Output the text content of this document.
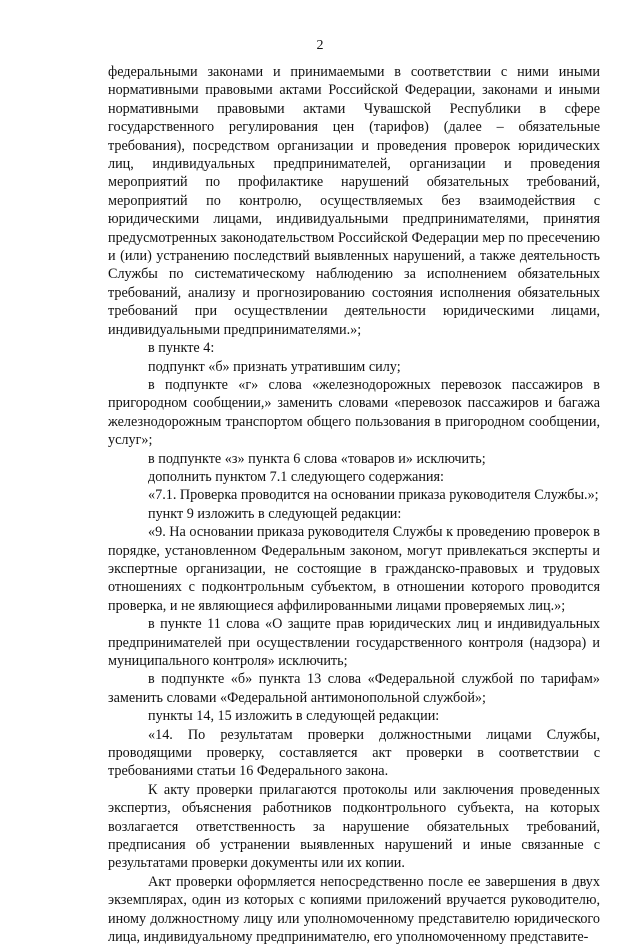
2

федеральными законами и принимаемыми в соответствии с ними иными нормативными правовыми актами Российской Федерации, законами и иными нормативными правовыми актами Чувашской Республики в сфере государственного регулирования цен (тарифов) (далее – обязательные требования), посредством организации и проведения проверок юридических лиц, индивидуальных предпринимателей, организации и проведения мероприятий по профилактике нарушений обязательных требований, мероприятий по контролю, осуществляемых без взаимодействия с юридическими лицами, индивидуальными предпринимателями, принятия предусмотренных законодательством Российской Федерации мер по пресечению и (или) устранению последствий выявленных нарушений, а также деятельность Службы по систематическому наблюдению за исполнением обязательных требований, анализу и прогнозированию состояния исполнения обязательных требований при осуществлении деятельности юридическими лицами, индивидуальными предпринимателями.»;

в пункте 4:

подпункт «б» признать утратившим силу;

в подпункте «г» слова «железнодорожных перевозок пассажиров в пригородном сообщении,» заменить словами «перевозок пассажиров и багажа железнодорожным транспортом общего пользования в пригородном сообщении, услуг»;

в подпункте «з» пункта 6 слова «товаров и» исключить;

дополнить пунктом 7.1 следующего содержания:

«7.1. Проверка проводится на основании приказа руководителя Службы.»;

пункт 9 изложить в следующей редакции:

«9. На основании приказа руководителя Службы к проведению проверок в порядке, установленном Федеральным законом, могут привлекаться эксперты и экспертные организации, не состоящие в гражданско-правовых и трудовых отношениях с подконтрольным субъектом, в отношении которого проводится проверка, и не являющиеся аффилированными лицами проверяемых лиц.»;

в пункте 11 слова «О защите прав юридических лиц и индивидуальных предпринимателей при осуществлении государственного контроля (надзора) и муниципального контроля» исключить;

в подпункте «б» пункта 13 слова «Федеральной службой по тарифам» заменить словами «Федеральной антимонопольной службой»;

пункты 14, 15 изложить в следующей редакции:

«14. По результатам проверки должностными лицами Службы, проводящими проверку, составляется акт проверки в соответствии с требованиями статьи 16 Федерального закона.

К акту проверки прилагаются протоколы или заключения проведенных экспертиз, объяснения работников подконтрольного субъекта, на которых возлагается ответственность за нарушение обязательных требований, предписания об устранении выявленных нарушений и иные связанные с результатами проверки документы или их копии.

Акт проверки оформляется непосредственно после ее завершения в двух экземплярах, один из которых с копиями приложений вручается руководителю, иному должностному лицу или уполномоченному представителю юридического лица, индивидуальному предпринимателю, его уполномоченному представите-
